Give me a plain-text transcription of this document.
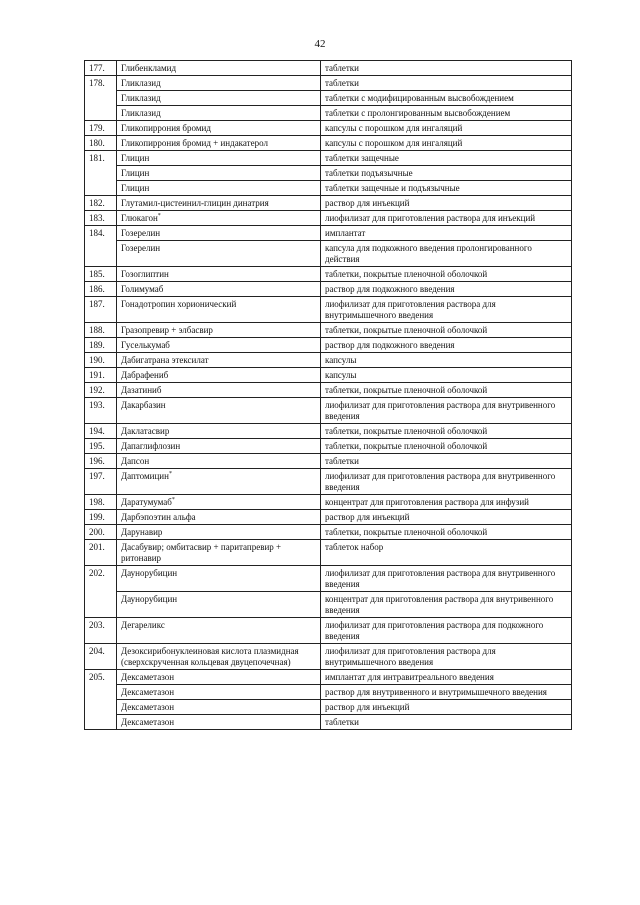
42
177.	Глибенкламид	таблетки
178.	Гликлазид	таблетки
	Гликлазид	таблетки с модифицированным высвобождением
	Гликлазид	таблетки с пролонгированным высвобождением
179.	Гликопиррония бромид	капсулы с порошком для ингаляций
180.	Гликопиррония бромид + индакатерол	капсулы с порошком для ингаляций
181.	Глицин	таблетки защечные
	Глицин	таблетки подъязычные
	Глицин	таблетки защечные и подъязычные
182.	Глутамил-цистеинил-глицин динатрия	раствор для инъекций
183.	Глюкагон*	лиофилизат для приготовления раствора для инъекций
184.	Гозерелин	имплантат
	Гозерелин	капсула для подкожного введения пролонгированного действия
185.	Гозоглиптин	таблетки, покрытые пленочной оболочкой
186.	Голимумаб	раствор для подкожного введения
187.	Гонадотропин хорионический	лиофилизат для приготовления раствора для внутримышечного введения
188.	Гразопревир + элбасвир	таблетки, покрытые пленочной оболочкой
189.	Гуселькумаб	раствор для подкожного введения
190.	Дабигатрана этексилат	капсулы
191.	Дабрафениб	капсулы
192.	Дазатиниб	таблетки, покрытые пленочной оболочкой
193.	Дакарбазин	лиофилизат для приготовления раствора для внутривенного введения
194.	Даклатасвир	таблетки, покрытые пленочной оболочкой
195.	Дапаглифлозин	таблетки, покрытые пленочной оболочкой
196.	Дапсон	таблетки
197.	Даптомицин*	лиофилизат для приготовления раствора для внутривенного введения
198.	Даратумумаб*	концентрат для приготовления раствора для инфузий
199.	Дарбэпоэтин альфа	раствор для инъекций
200.	Дарунавир	таблетки, покрытые пленочной оболочкой
201.	Дасабувир; омбитасвир + паритапревир + ритонавир	таблеток набор
202.	Даунорубицин	лиофилизат для приготовления раствора для внутривенного введения
	Даунорубицин	концентрат для приготовления раствора для внутривенного введения
203.	Дегареликс	лиофилизат для приготовления раствора для подкожного введения
204.	Дезоксирибонуклеиновая кислота плазмидная (сверхскрученная кольцевая двуцепочечная)	лиофилизат для приготовления раствора для внутримышечного введения
205.	Дексаметазон	имплантат для интравитреального введения
	Дексаметазон	раствор для внутривенного и внутримышечного введения
	Дексаметазон	раствор для инъекций
	Дексаметазон	таблетки
